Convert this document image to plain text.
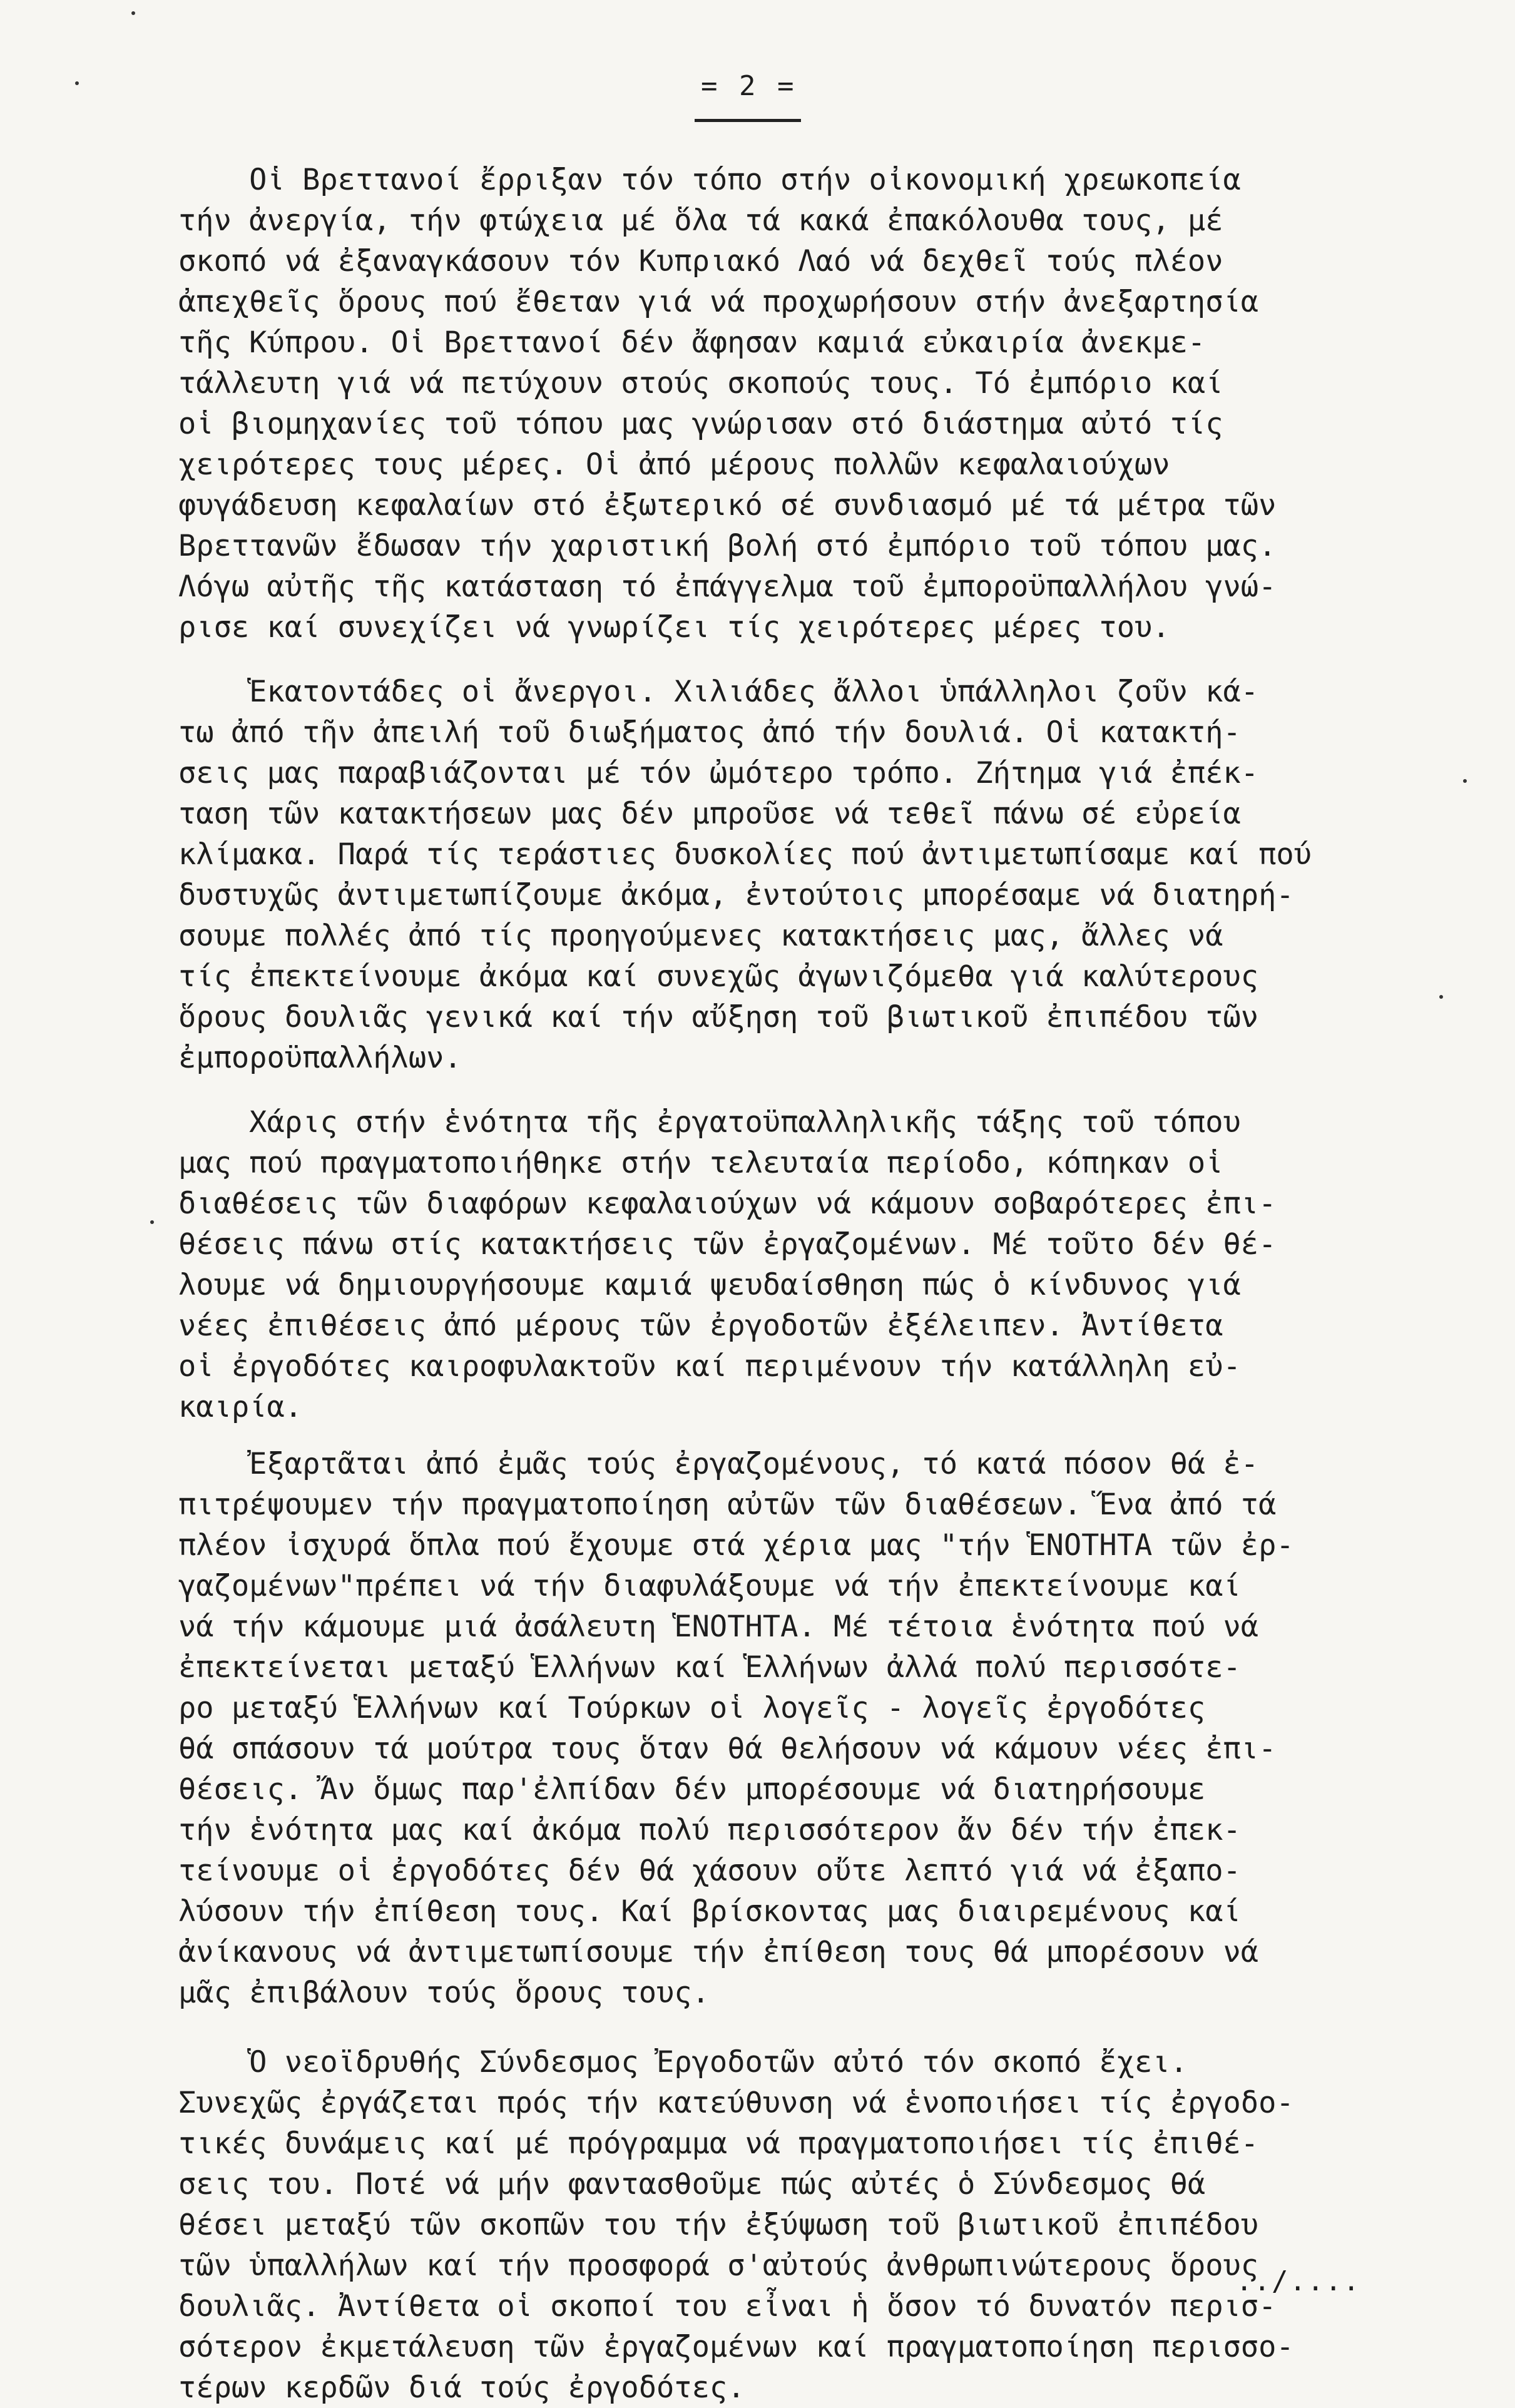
= 2 =
Οἱ Βρεττανοί ἔρριξαν τόν τόπο στήν οἰκονομική χρεωκοπεία
τήν ἀνεργία, τήν φτώχεια μέ ὅλα τά κακά ἐπακόλουθα τους, μέ
σκοπό νά ἐξαναγκάσουν τόν Κυπριακό Λαό νά δεχθεῖ τούς πλέον
ἀπεχθεῖς ὅρους πού ἔθεταν γιά νά προχωρήσουν στήν ἀνεξαρτησία
τῆς Κύπρου. Οἱ Βρεττανοί δέν ἄφησαν καμιά εὐκαιρία ἀνεκμε-
τάλλευτη γιά νά πετύχουν στούς σκοπούς τους. Τό ἐμπόριο καί
οἱ βιομηχανίες τοῦ τόπου μας γνώρισαν στό διάστημα αὐτό τίς
χειρότερες τους μέρες. Οἱ ἀπό μέρους πολλῶν κεφαλαιούχων
φυγάδευση κεφαλαίων στό ἐξωτερικό σέ συνδιασμό μέ τά μέτρα τῶν
Βρεττανῶν ἔδωσαν τήν χαριστική βολή στό ἐμπόριο τοῦ τόπου μας.
Λόγω αὐτῆς τῆς κατάσταση τό ἐπάγγελμα τοῦ ἐμποροϋπαλλήλου γνώ-
ρισε καί συνεχίζει νά γνωρίζει τίς χειρότερες μέρες του.
Ἑκατοντάδες οἱ ἄνεργοι. Χιλιάδες ἄλλοι ὑπάλληλοι ζοῦν κά-
τω ἀπό τῆν ἀπειλή τοῦ διωξήματος ἀπό τήν δουλιά. Οἱ κατακτή-
σεις μας παραβιάζονται μέ τόν ὠμότερο τρόπο. Ζήτημα γιά ἐπέκ-
ταση τῶν κατακτήσεων μας δέν μπροῦσε νά τεθεῖ πάνω σέ εὐρεία
κλίμακα. Παρά τίς τεράστιες δυσκολίες πού ἀντιμετωπίσαμε καί πού
δυστυχῶς ἀντιμετωπίζουμε ἀκόμα, ἐντούτοις μπορέσαμε νά διατηρή-
σουμε πολλές ἀπό τίς προηγούμενες κατακτήσεις μας, ἄλλες νά
τίς ἐπεκτείνουμε ἀκόμα καί συνεχῶς ἀγωνιζόμεθα γιά καλύτερους
ὅρους δουλιᾶς γενικά καί τήν αὔξηση τοῦ βιωτικοῦ ἐπιπέδου τῶν
ἐμποροϋπαλλήλων.
Χάρις στήν ἑνότητα τῆς ἐργατοϋπαλληλικῆς τάξης τοῦ τόπου
μας πού πραγματοποιήθηκε στήν τελευταία περίοδο, κόπηκαν οἱ
διαθέσεις τῶν διαφόρων κεφαλαιούχων νά κάμουν σοβαρότερες ἐπι-
θέσεις πάνω στίς κατακτήσεις τῶν ἐργαζομένων. Μέ τοῦτο δέν θέ-
λουμε νά δημιουργήσουμε καμιά ψευδαίσθηση πώς ὁ κίνδυνος γιά
νέες ἐπιθέσεις ἀπό μέρους τῶν ἐργοδοτῶν ἐξέλειπεν. Ἀντίθετα
οἱ ἐργοδότες καιροφυλακτοῦν καί περιμένουν τήν κατάλληλη εὐ-
καιρία.
Ἐξαρτᾶται ἀπό ἐμᾶς τούς ἐργαζομένους, τό κατά πόσον θά ἐ-
πιτρέψουμεν τήν πραγματοποίηση αὐτῶν τῶν διαθέσεων. Ἕνα ἀπό τά
πλέον ἰσχυρά ὅπλα πού ἔχουμε στά χέρια μας "τήν ἙΝΟΤΗΤΑ τῶν ἐρ-
γαζομένων"πρέπει νά τήν διαφυλάξουμε νά τήν ἐπεκτείνουμε καί
νά τήν κάμουμε μιά ἀσάλευτη ἙΝΟΤΗΤΑ. Μέ τέτοια ἑνότητα πού νά
ἐπεκτείνεται μεταξύ Ἑλλήνων καί Ἑλλήνων ἀλλά πολύ περισσότε-
ρο μεταξύ Ἑλλήνων καί Τούρκων οἱ λογεῖς - λογεῖς ἐργοδότες
θά σπάσουν τά μούτρα τους ὅταν θά θελήσουν νά κάμουν νέες ἐπι-
θέσεις. Ἄν ὅμως παρ'ἐλπίδαν δέν μπορέσουμε νά διατηρήσουμε
τήν ἑνότητα μας καί ἀκόμα πολύ περισσότερον ἄν δέν τήν ἐπεκ-
τείνουμε οἱ ἐργοδότες δέν θά χάσουν οὔτε λεπτό γιά νά ἐξαπο-
λύσουν τήν ἐπίθεση τους. Καί βρίσκοντας μας διαιρεμένους καί
ἀνίκανους νά ἀντιμετωπίσουμε τήν ἐπίθεση τους θά μπορέσουν νά
μᾶς ἐπιβάλουν τούς ὅρους τους.
Ὁ νεοϊδρυθής Σύνδεσμος Ἐργοδοτῶν αὐτό τόν σκοπό ἔχει.
Συνεχῶς ἐργάζεται πρός τήν κατεύθυνση νά ἑνοποιήσει τίς ἐργοδο-
τικές δυνάμεις καί μέ πρόγραμμα νά πραγματοποιήσει τίς ἐπιθέ-
σεις του. Ποτέ νά μήν φαντασθοῦμε πώς αὐτές ὁ Σύνδεσμος θά
θέσει μεταξύ τῶν σκοπῶν του τήν ἐξύψωση τοῦ βιωτικοῦ ἐπιπέδου
τῶν ὑπαλλήλων καί τήν προσφορά σ'αὐτούς ἀνθρωπινώτερους ὅρους
δουλιᾶς. Ἀντίθετα οἱ σκοποί του εἶναι ἡ ὅσον τό δυνατόν περισ-
σότερον ἐκμετάλευση τῶν ἐργαζομένων καί πραγματοποίηση περισσο-
τέρων κερδῶν διά τούς ἐργοδότες.
../....
